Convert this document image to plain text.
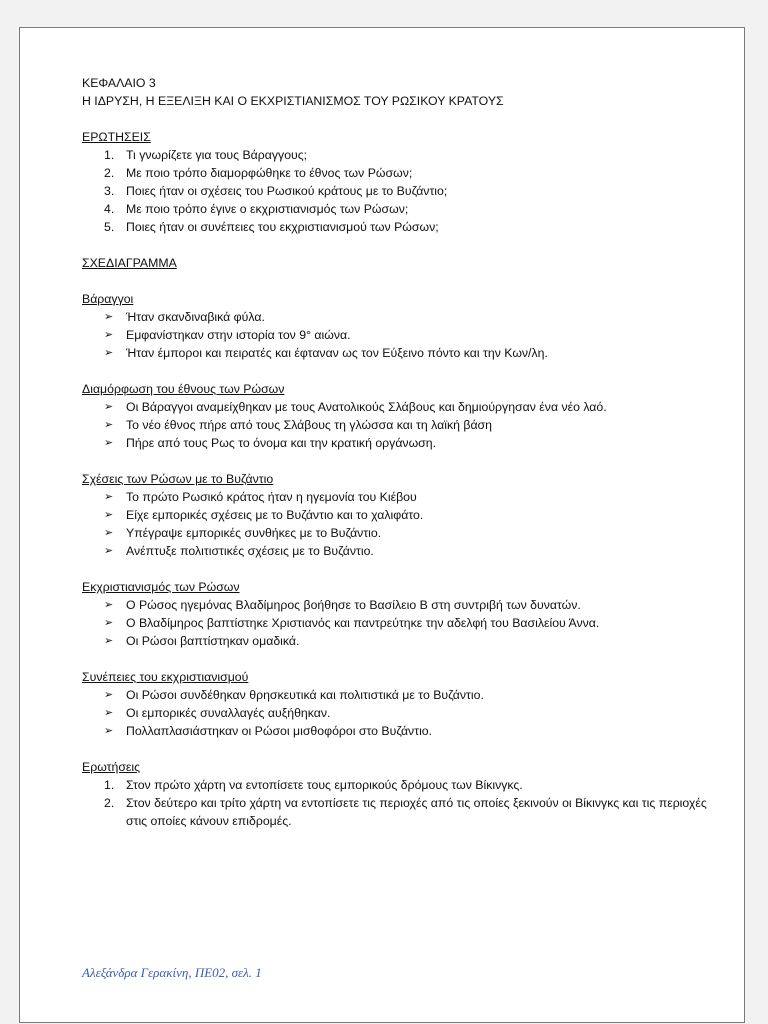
ΚΕΦΑΛΑΙΟ 3

Η ΙΔΡΥΣΗ, Η ΕΞΕΛΙΞΗ ΚΑΙ Ο ΕΚΧΡΙΣΤΙΑΝΙΣΜΟΣ ΤΟΥ ΡΩΣΙΚΟΥ ΚΡΑΤΟΥΣ

ΕΡΩΤΗΣΕΙΣ

1. Τι γνωρίζετε για τους Βάραγγους;
2. Με ποιο τρόπο διαμορφώθηκε το έθνος των Ρώσων;
3. Ποιες ήταν οι σχέσεις του Ρωσικού κράτους με το Βυζάντιο;
4. Με ποιο τρόπο έγινε ο εκχριστιανισμός των Ρώσων;
5. Ποιες ήταν οι συνέπειες του εκχριστιανισμού των Ρώσων;

ΣΧΕΔΙΑΓΡΑΜΜΑ

Βάραγγοι

➢ Ήταν σκανδιναβικά φύλα.
➢ Εμφανίστηκαν στην ιστορία τον 9° αιώνα.
➢ Ήταν έμποροι και πειρατές και έφταναν ως τον Εύξεινο πόντο και την Κων/λη.

Διαμόρφωση του έθνους των Ρώσων

➢ Οι Βάραγγοι αναμείχθηκαν με τους Ανατολικούς Σλάβους και δημιούργησαν ένα νέο λαό.
➢ Το νέο έθνος πήρε από τους Σλάβους τη γλώσσα και τη λαϊκή βάση
➢ Πήρε από τους Ρως το όνομα και την κρατική οργάνωση.

Σχέσεις των Ρώσων με το Βυζάντιο

➢ Το πρώτο Ρωσικό κράτος ήταν η ηγεμονία του Κιέβου
➢ Είχε εμπορικές σχέσεις με το Βυζάντιο και το χαλιφάτο.
➢ Υπέγραψε εμπορικές συνθήκες με το Βυζάντιο.
➢ Ανέπτυξε πολιτιστικές σχέσεις με το Βυζάντιο.

Εκχριστιανισμός των Ρώσων

➢ Ο Ρώσος ηγεμόνας Βλαδίμηρος βοήθησε το Βασίλειο Β στη συντριβή των δυνατών.
➢ Ο Βλαδίμηρος βαπτίστηκε Χριστιανός και παντρεύτηκε την αδελφή του Βασιλείου Άννα.
➢ Οι Ρώσοι βαπτίστηκαν ομαδικά.

Συνέπειες του εκχριστιανισμού

➢ Οι Ρώσοι συνδέθηκαν θρησκευτικά και πολιτιστικά με το Βυζάντιο.
➢ Οι εμπορικές συναλλαγές αυξήθηκαν.
➢ Πολλαπλασιάστηκαν οι Ρώσοι μισθοφόροι στο Βυζάντιο.

Ερωτήσεις

1. Στον πρώτο χάρτη να εντοπίσετε τους εμπορικούς δρόμους των Βίκινγκς.
2. Στον δεύτερο και τρίτο χάρτη να εντοπίσετε τις περιοχές από τις οποίες ξεκινούν οι Βίκινγκς και τις περιοχές στις οποίες κάνουν επιδρομές.
Αλεξάνδρα Γερακίνη, ΠΕ02, σελ. 1
